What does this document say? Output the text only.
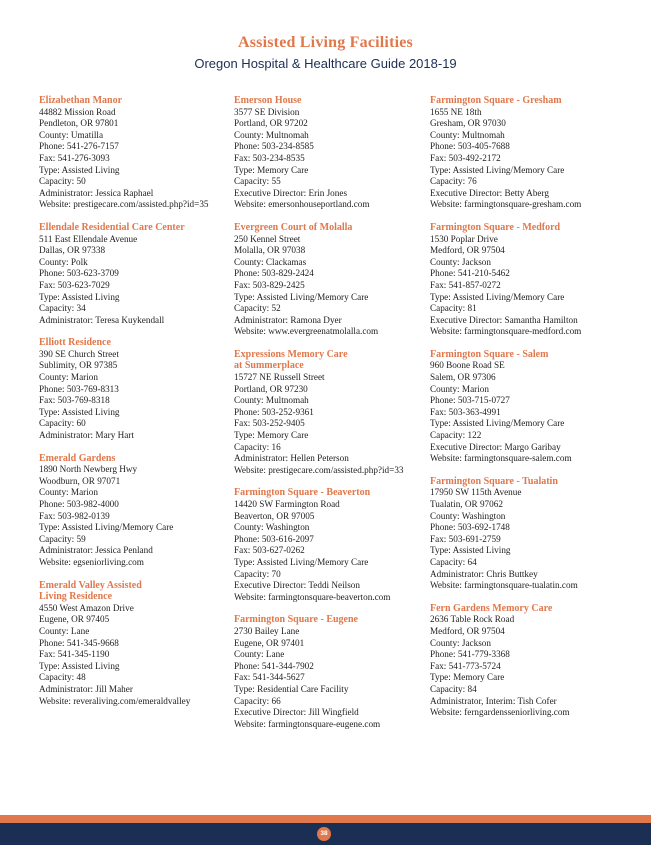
Assisted Living Facilities
Oregon Hospital & Healthcare Guide 2018-19
Elizabethan Manor
44882 Mission Road
Pendleton, OR 97801
County: Umatilla
Phone: 541-276-7157
Fax: 541-276-3093
Type: Assisted Living
Capacity: 50
Administrator: Jessica Raphael
Website: prestigecare.com/assisted.php?id=35
Ellendale Residential Care Center
511 East Ellendale Avenue
Dallas, OR 97338
County: Polk
Phone: 503-623-3709
Fax: 503-623-7029
Type: Assisted Living
Capacity: 34
Administrator: Teresa Kuykendall
Elliott Residence
390 SE Church Street
Sublimity, OR 97385
County: Marion
Phone: 503-769-8313
Fax: 503-769-8318
Type: Assisted Living
Capacity: 60
Administrator: Mary Hart
Emerald Gardens
1890 North Newberg Hwy
Woodburn, OR 97071
County: Marion
Phone: 503-982-4000
Fax: 503-982-0139
Type: Assisted Living/Memory Care
Capacity: 59
Administrator: Jessica Penland
Website: egseniorliving.com
Emerald Valley Assisted
Living Residence
4550 West Amazon Drive
Eugene, OR 97405
County: Lane
Phone: 541-345-9668
Fax: 541-345-1190
Type: Assisted Living
Capacity: 48
Administrator: Jill Maher
Website: reveraliving.com/emeraldvalley
Emerson House
3577 SE Division
Portland, OR 97202
County: Multnomah
Phone: 503-234-8585
Fax: 503-234-8535
Type: Memory Care
Capacity: 55
Executive Director: Erin Jones
Website: emersonhouseportland.com
Evergreen Court of Molalla
250 Kennel Street
Molalla, OR 97038
County: Clackamas
Phone: 503-829-2424
Fax: 503-829-2425
Type: Assisted Living/Memory Care
Capacity: 52
Administrator: Ramona Dyer
Website: www.evergreenatmolalla.com
Expressions Memory Care
at Summerplace
15727 NE Russell Street
Portland, OR 97230
County: Multnomah
Phone: 503-252-9361
Fax: 503-252-9405
Type: Memory Care
Capacity: 16
Administrator: Hellen Peterson
Website: prestigecare.com/assisted.php?id=33
Farmington Square - Beaverton
14420 SW Farmington Road
Beaverton, OR 97005
County: Washington
Phone: 503-616-2097
Fax: 503-627-0262
Type: Assisted Living/Memory Care
Capacity: 70
Executive Director: Teddi Neilson
Website: farmingtonsquare-beaverton.com
Farmington Square - Eugene
2730 Bailey Lane
Eugene, OR 97401
County: Lane
Phone: 541-344-7902
Fax: 541-344-5627
Type: Residential Care Facility
Capacity: 66
Executive Director: Jill Wingfield
Website: farmingtonsquare-eugene.com
Farmington Square - Gresham
1655 NE 18th
Gresham, OR 97030
County: Multnomah
Phone: 503-405-7688
Fax: 503-492-2172
Type: Assisted Living/Memory Care
Capacity: 76
Executive Director: Betty Aberg
Website: farmingtonsquare-gresham.com
Farmington Square - Medford
1530 Poplar Drive
Medford, OR 97504
County: Jackson
Phone: 541-210-5462
Fax: 541-857-0272
Type: Assisted Living/Memory Care
Capacity: 81
Executive Director: Samantha Hamilton
Website: farmingtonsquare-medford.com
Farmington Square - Salem
960 Boone Road SE
Salem, OR 97306
County: Marion
Phone: 503-715-0727
Fax: 503-363-4991
Type: Assisted Living/Memory Care
Capacity: 122
Executive Director: Margo Garibay
Website: farmingtonsquare-salem.com
Farmington Square - Tualatin
17950 SW 115th Avenue
Tualatin, OR 97062
County: Washington
Phone: 503-692-1748
Fax: 503-691-2759
Type: Assisted Living
Capacity: 64
Administrator: Chris Buttkey
Website: farmingtonsquare-tualatin.com
Fern Gardens Memory Care
2636 Table Rock Road
Medford, OR 97504
County: Jackson
Phone: 541-779-3368
Fax: 541-773-5724
Type: Memory Care
Capacity: 84
Administrator, Interim: Tish Cofer
Website: ferngardensseniorliving.com
38
